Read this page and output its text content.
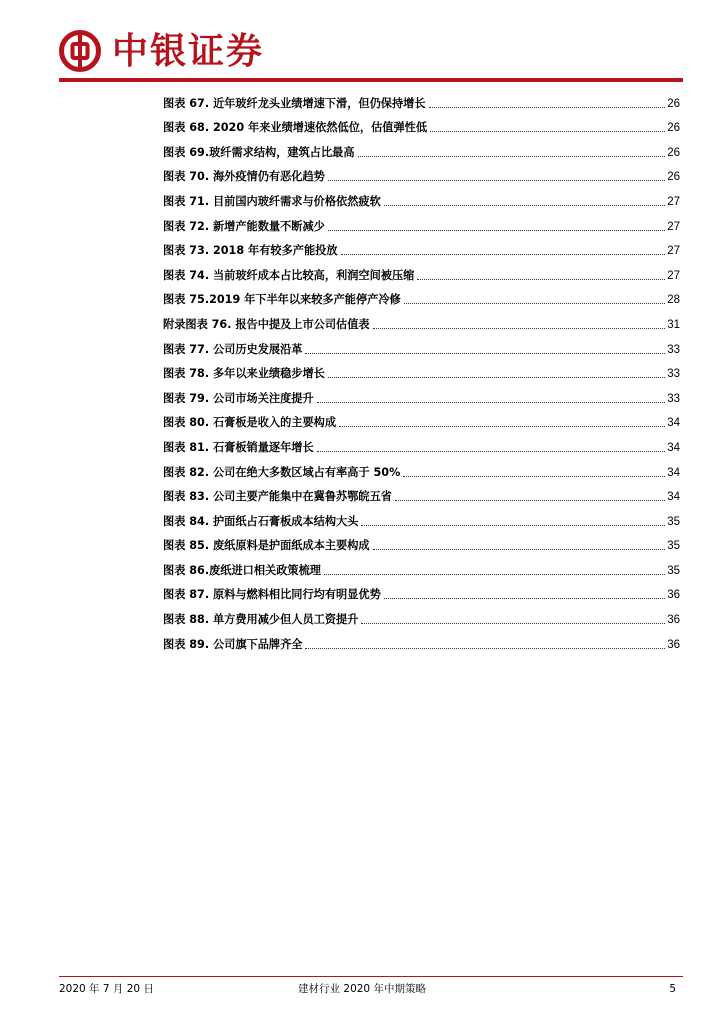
中银证券
图表 67. 近年玻纤龙头业绩增速下滑，但仍保持增长	26
图表 68. 2020 年来业绩增速依然低位，估值弹性低	26
图表 69.玻纤需求结构，建筑占比最高	26
图表 70. 海外疫情仍有恶化趋势	26
图表 71. 目前国内玻纤需求与价格依然疲软	27
图表 72. 新增产能数量不断减少	27
图表 73. 2018 年有较多产能投放	27
图表 74. 当前玻纤成本占比较高，利润空间被压缩	27
图表 75.2019 年下半年以来较多产能停产冷修	28
附录图表 76. 报告中提及上市公司估值表	31
图表 77. 公司历史发展沿革	33
图表 78. 多年以来业绩稳步增长	33
图表 79. 公司市场关注度提升	33
图表 80. 石膏板是收入的主要构成	34
图表 81. 石膏板销量逐年增长	34
图表 82. 公司在绝大多数区域占有率高于 50%	34
图表 83. 公司主要产能集中在冀鲁苏鄂皖五省	34
图表 84. 护面纸占石膏板成本结构大头	35
图表 85. 废纸原料是护面纸成本主要构成	35
图表 86.废纸进口相关政策梳理	35
图表 87. 原料与燃料相比同行均有明显优势	36
图表 88. 单方费用减少但人员工资提升	36
图表 89. 公司旗下品牌齐全	36
2020 年 7 月 20 日	建材行业 2020 年中期策略	5
